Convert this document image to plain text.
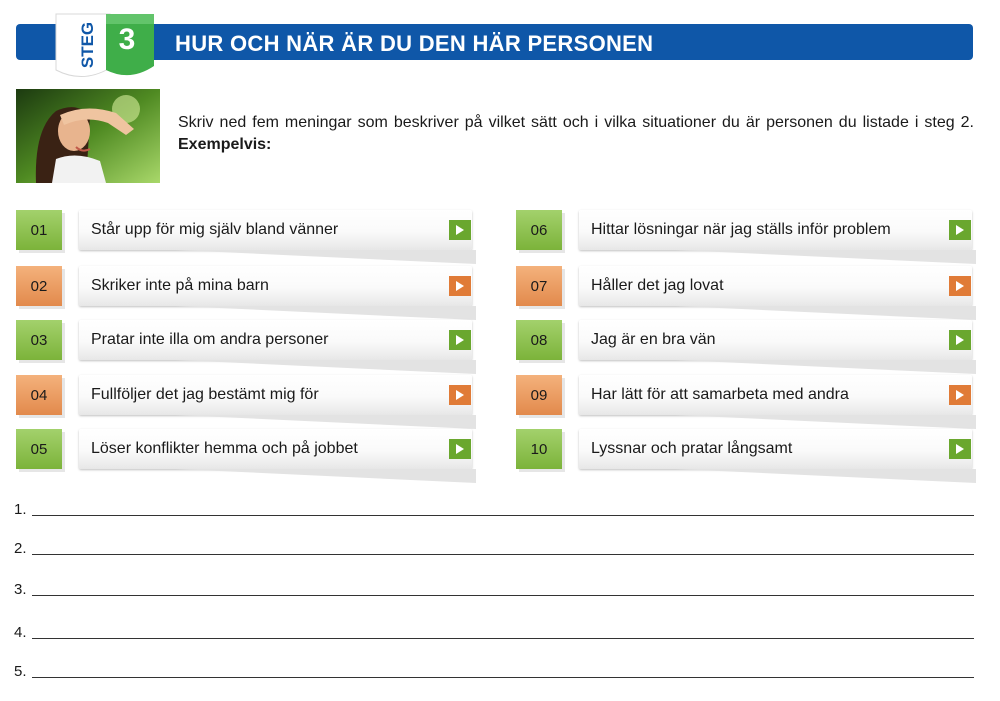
STEG 3	HUR OCH NÄR ÄR DU DEN HÄR PERSONEN
Skriv ned fem meningar som beskriver på vilket sätt och i vilka situationer du är personen du listade i steg 2. Exempelvis:
01	Står upp för mig själv bland vänner
02	Skriker inte på mina barn
03	Pratar inte illa om andra personer
04	Fullföljer det jag bestämt mig för
05	Löser konflikter hemma och på jobbet
06	Hittar lösningar när jag ställs inför problem
07	Håller det jag lovat
08	Jag är en bra vän
09	Har lätt för att samarbeta med andra
10	Lyssnar och pratar långsamt
1.
2.
3.
4.
5.
